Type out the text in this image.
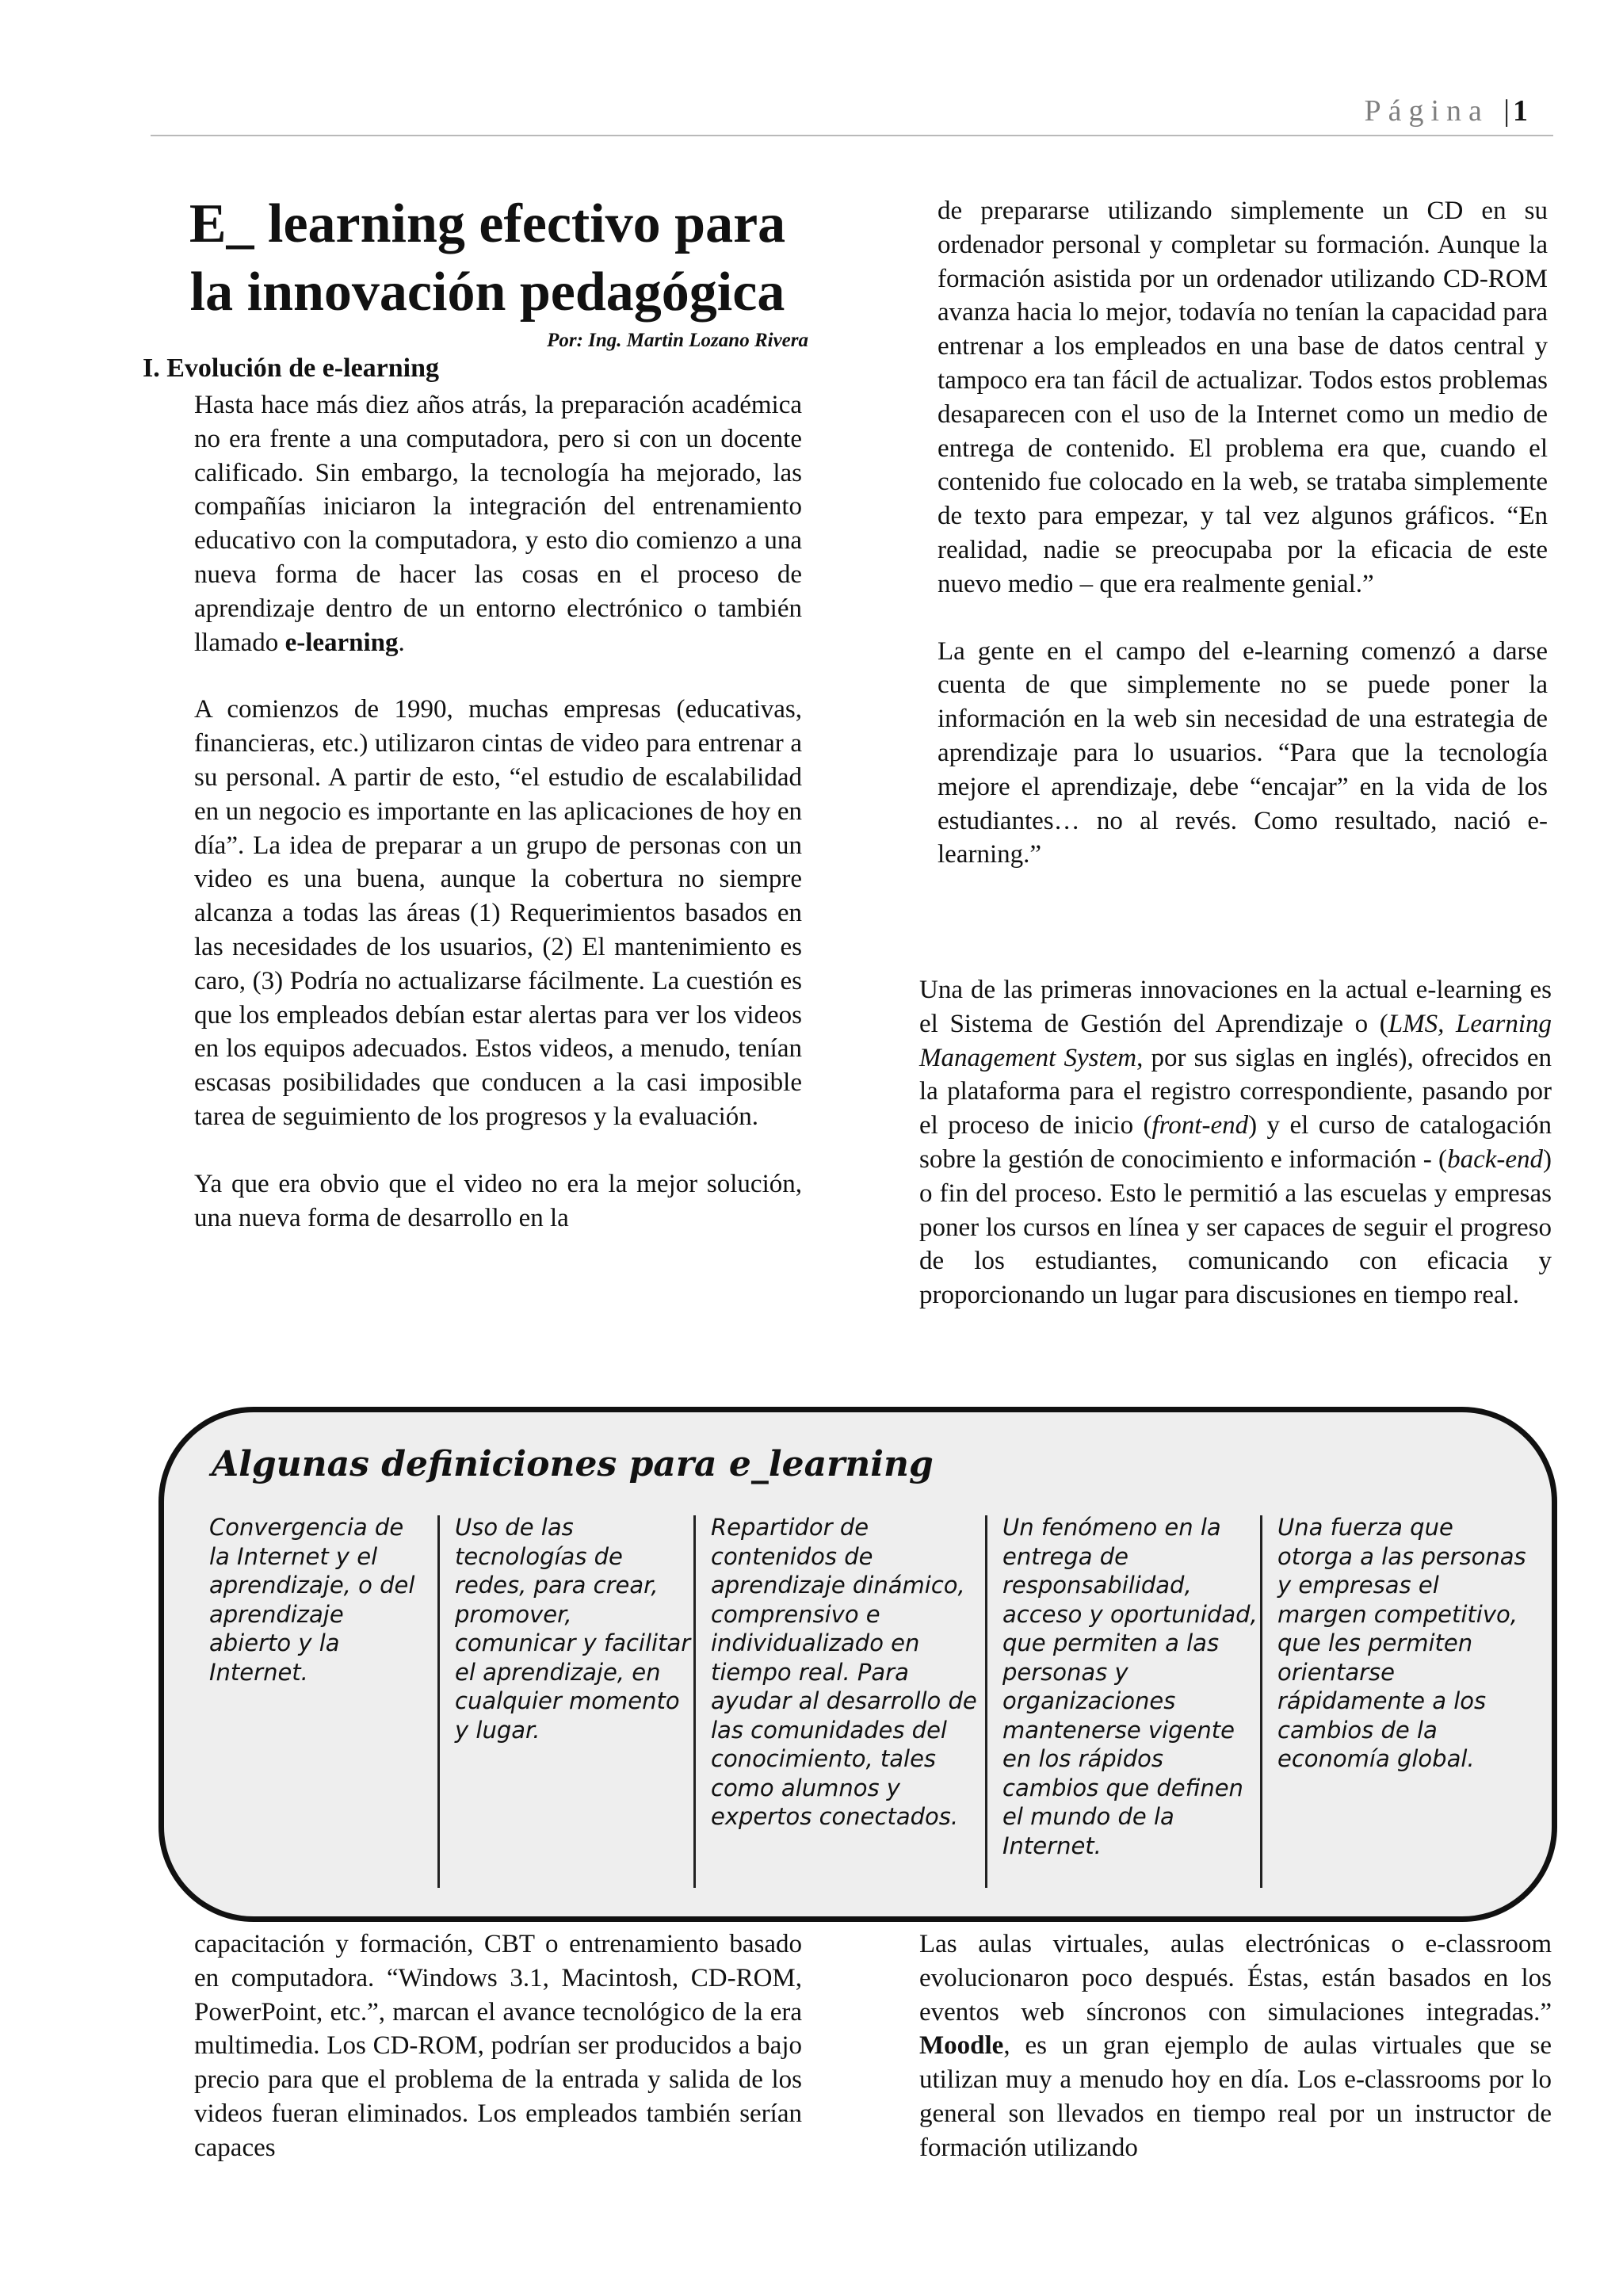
Página | 1
E_ learning efectivo para
la innovación pedagógica
Por: Ing. Martin Lozano Rivera
I. Evolución de e-learning

Hasta hace más diez años atrás, la preparación académica no era frente a una computadora, pero si con un docente calificado. Sin embargo, la tecnología ha mejorado, las compañías iniciaron la integración del entrenamiento educativo con la computadora, y esto dio comienzo a una nueva forma de hacer las cosas en el proceso de aprendizaje dentro de un entorno electrónico o también llamado e-learning.

A comienzos de 1990, muchas empresas (educativas, financieras, etc.) utilizaron cintas de video para entrenar a su personal. A partir de esto, “el estudio de escalabilidad en un negocio es importante en las aplicaciones de hoy en día”. La idea de preparar a un grupo de personas con un video es una buena, aunque la cobertura no siempre alcanza a todas las áreas (1) Requerimientos basados en las necesidades de los usuarios, (2) El mantenimiento es caro, (3) Podría no actualizarse fácilmente. La cuestión es que los empleados debían estar alertas para ver los videos en los equipos adecuados. Estos videos, a menudo, tenían escasas posibilidades que conducen a la casi imposible tarea de seguimiento de los progresos y la evaluación.

Ya que era obvio que el video no era la mejor solución, una nueva forma de desarrollo en la

de prepararse utilizando simplemente un CD en su ordenador personal y completar su formación. Aunque la formación asistida por un ordenador utilizando CD-ROM avanza hacia lo mejor, todavía no tenían la capacidad para entrenar a los empleados en una base de datos central y tampoco era tan fácil de actualizar. Todos estos problemas desaparecen con el uso de la Internet como un medio de entrega de contenido. El problema era que, cuando el contenido fue colocado en la web, se trataba simplemente de texto para empezar, y tal vez algunos gráficos. “En realidad, nadie se preocupaba por la eficacia de este nuevo medio – que era realmente genial.”

La gente en el campo del e-learning comenzó a darse cuenta de que simplemente no se puede poner la información en la web sin necesidad de una estrategia de aprendizaje para lo usuarios. “Para que la tecnología mejore el aprendizaje, debe “encajar” en la vida de los estudiantes… no al revés. Como resultado, nació e-learning.”

Una de las primeras innovaciones en la actual e-learning es el Sistema de Gestión del Aprendizaje o (LMS, Learning Management System, por sus siglas en inglés), ofrecidos en la plataforma para el registro correspondiente, pasando por el proceso de inicio (front-end) y el curso de catalogación sobre la gestión de conocimiento e información - (back-end) o fin del proceso. Esto le permitió a las escuelas y empresas poner los cursos en línea y ser capaces de seguir el progreso de los estudiantes, comunicando con eficacia y proporcionando un lugar para discusiones en tiempo real.

Algunas definiciones para e_learning
Convergencia de la Internet y el aprendizaje, o del aprendizaje abierto y la Internet.
Uso de las tecnologías de redes, para crear, promover, comunicar y facilitar el aprendizaje, en cualquier momento y lugar.
Repartidor de contenidos de aprendizaje dinámico, comprensivo e individualizado en tiempo real. Para ayudar al desarrollo de las comunidades del conocimiento, tales como alumnos y expertos conectados.
Un fenómeno en la entrega de responsabilidad, acceso y oportunidad, que permiten a las personas y organizaciones mantenerse vigente en los rápidos cambios que definen el mundo de la Internet.
Una fuerza que otorga a las personas y empresas el margen competitivo, que les permiten orientarse rápidamente a los cambios de la economía global.

capacitación y formación, CBT o entrenamiento basado en computadora. “Windows 3.1, Macintosh, CD-ROM, PowerPoint, etc.”, marcan el avance tecnológico de la era multimedia. Los CD-ROM, podrían ser producidos a bajo precio para que el problema de la entrada y salida de los videos fueran eliminados. Los empleados también serían capaces

Las aulas virtuales, aulas electrónicas o e-classroom evolucionaron poco después. Éstas, están basados en los eventos web síncronos con simulaciones integradas.” Moodle, es un gran ejemplo de aulas virtuales que se utilizan muy a menudo hoy en día. Los e-classrooms por lo general son llevados en tiempo real por un instructor de formación utilizando
